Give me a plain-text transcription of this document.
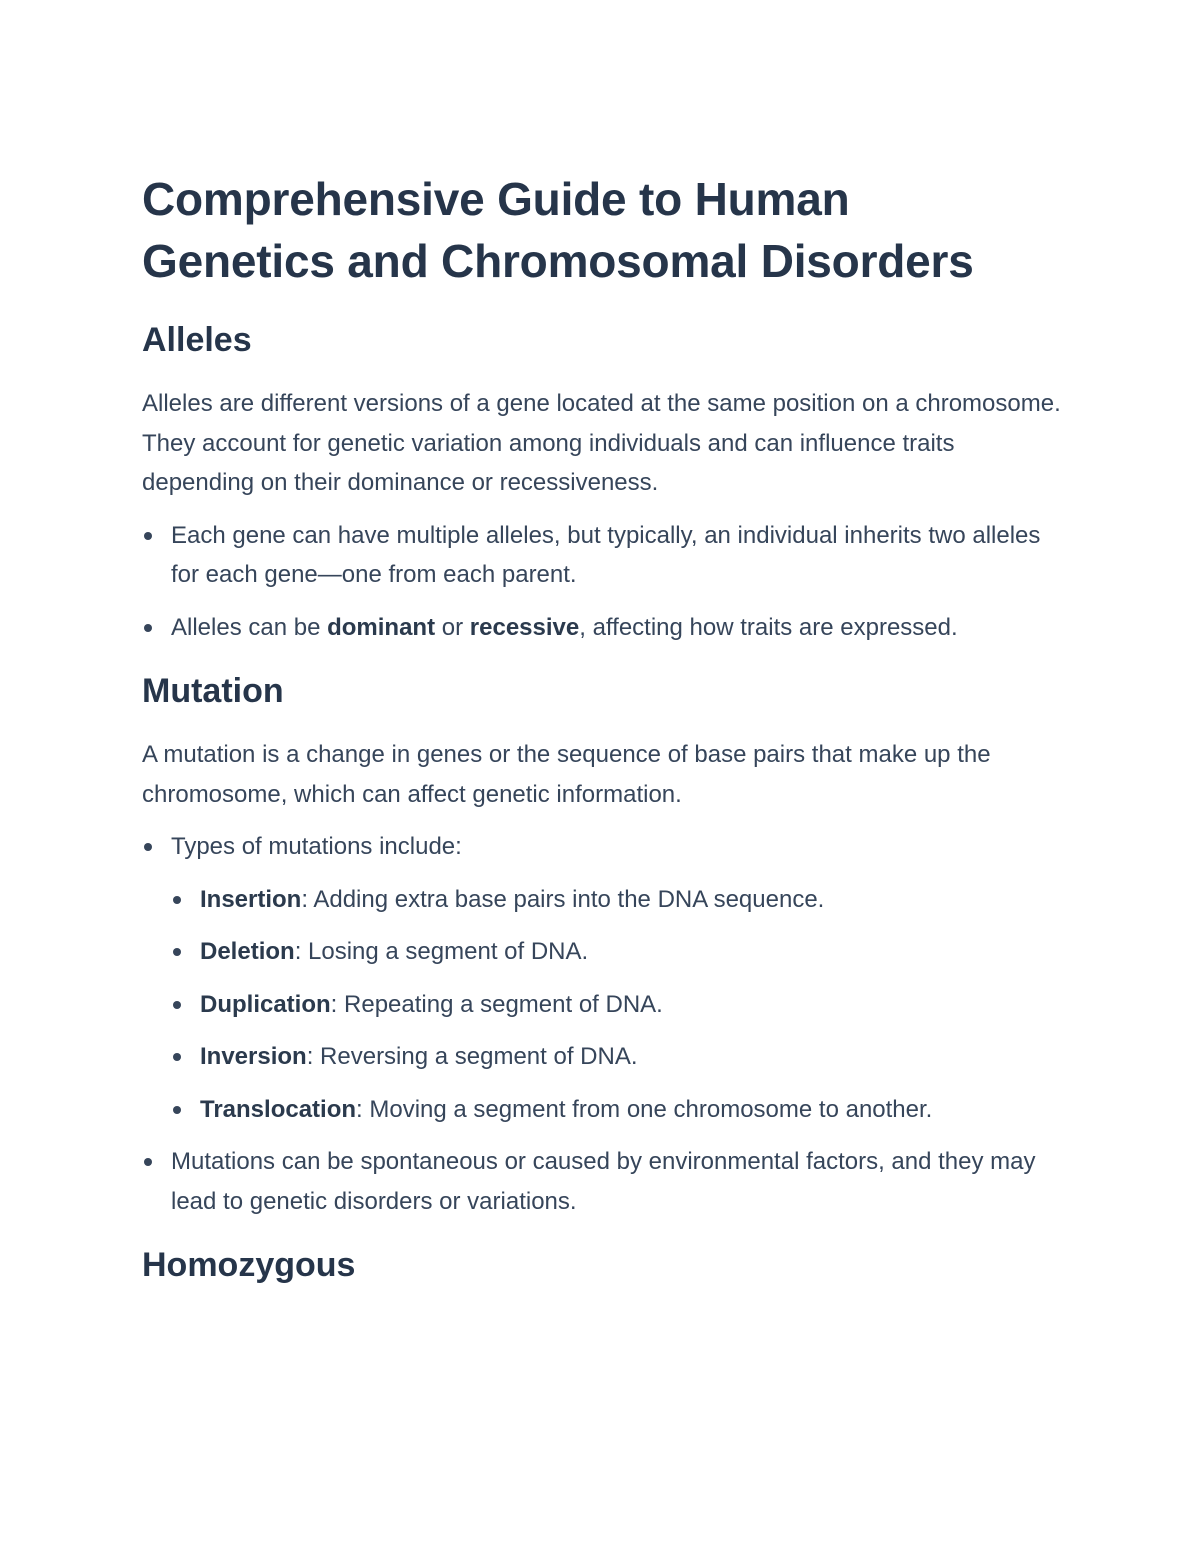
Comprehensive Guide to Human
Genetics and Chromosomal Disorders
Alleles

Alleles are different versions of a gene located at the same position on a chromosome. They account for genetic variation among individuals and can influence traits depending on their dominance or recessiveness.

Each gene can have multiple alleles, but typically, an individual inherits two alleles for each gene—one from each parent.
Alleles can be dominant or recessive, affecting how traits are expressed.
Mutation

A mutation is a change in genes or the sequence of base pairs that make up the chromosome, which can affect genetic information.

Types of mutations include:
Insertion: Adding extra base pairs into the DNA sequence.
Deletion: Losing a segment of DNA.
Duplication: Repeating a segment of DNA.
Inversion: Reversing a segment of DNA.
Translocation: Moving a segment from one chromosome to another.
Mutations can be spontaneous or caused by environmental factors, and they may lead to genetic disorders or variations.
Homozygous
